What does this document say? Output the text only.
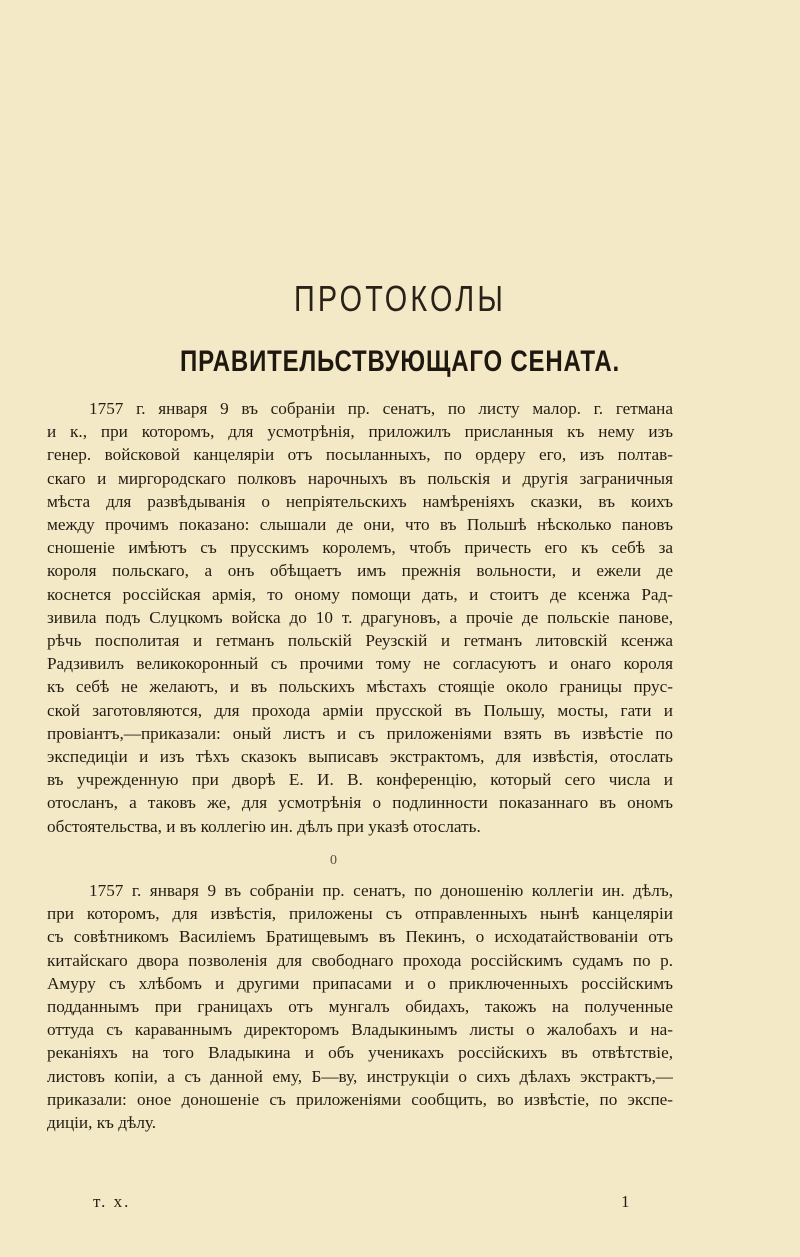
ПРОТОКОЛЫ
ПРАВИТЕЛЬСТВУЮЩАГО СЕНАТА.
1757 г. января 9 въ собраніи пр. сенатъ, по листу малор. г. гетмана
и к., при которомъ, для усмотрѣнія, приложилъ присланныя къ нему изъ
генер. войсковой канцеляріи отъ посыланныхъ, по ордеру его, изъ полтав-
скаго и миргородскаго полковъ нарочныхъ въ польскія и другія заграничныя
мѣста для развѣдыванія о непріятельскихъ намѣреніяхъ сказки, въ коихъ
между прочимъ показано: слышали де они, что въ Польшѣ нѣсколько пановъ
сношеніе имѣютъ съ прусскимъ королемъ, чтобъ причесть его къ себѣ за
короля польскаго, а онъ обѣщаетъ имъ прежнія вольности, и ежели де
коснется россійская армія, то оному помощи дать, и стоитъ де ксенжа Рад-
зивила подъ Слуцкомъ войска до 10 т. драгуновъ, а прочіе де польскіе панове,
рѣчь посполитая и гетманъ польскій Реузскій и гетманъ литовскій ксенжа
Радзивилъ великокоронный съ прочими тому не согласуютъ и онаго короля
къ себѣ не желаютъ, и въ польскихъ мѣстахъ стоящіе около границы прус-
ской заготовляются, для прохода арміи прусской въ Польшу, мосты, гати и
провіантъ,—приказали: оный листъ и съ приложеніями взять въ извѣстіе по
экспедиціи и изъ тѣхъ сказокъ выписавъ экстрактомъ, для извѣстія, отослать
въ учрежденную при дворѣ Е. И. В. конференцію, который сего числа и
отосланъ, а таковъ же, для усмотрѣнія о подлинности показаннаго въ ономъ
обстоятельства, и въ коллегію ин. дѣлъ при указѣ отослать.
0
1757 г. января 9 въ собраніи пр. сенатъ, по доношенію коллегіи ин. дѣлъ,
при которомъ, для извѣстія, приложены съ отправленныхъ нынѣ канцеляріи
съ совѣтникомъ Василіемъ Братищевымъ въ Пекинъ, о исходатайствованіи отъ
китайскаго двора позволенія для свободнаго прохода россійскимъ судамъ по р.
Амуру съ хлѣбомъ и другими припасами и о приключенныхъ россійскимъ
подданнымъ при границахъ отъ мунгалъ обидахъ, такожъ на полученные
оттуда съ караваннымъ директоромъ Владыкинымъ листы о жалобахъ и на-
реканіяхъ на того Владыкина и объ ученикахъ россійскихъ въ отвѣтствіе,
листовъ копіи, а съ данной ему, Б—ву, инструкціи о сихъ дѣлахъ экстрактъ,—
приказали: оное доношеніе съ приложеніями сообщить, во извѣстіе, по экспе-
диціи, къ дѣлу.
т. х.	1
